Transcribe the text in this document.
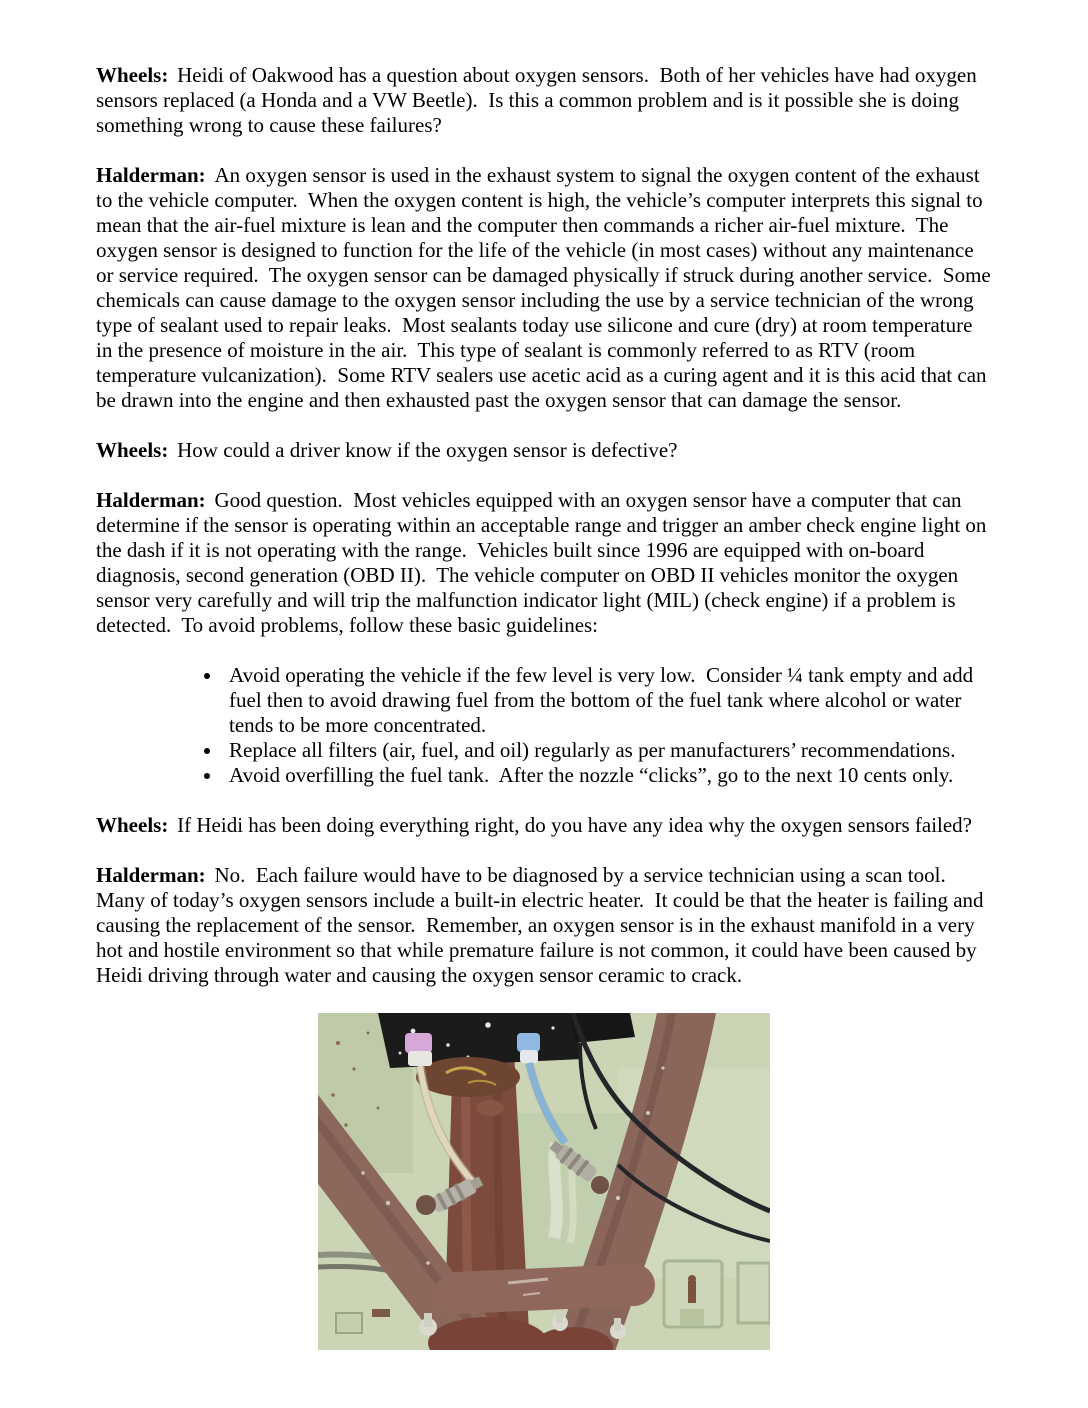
Wheels: Heidi of Oakwood has a question about oxygen sensors.  Both of her vehicles have had oxygen sensors replaced (a Honda and a VW Beetle).  Is this a common problem and is it possible she is doing something wrong to cause these failures?

Halderman: An oxygen sensor is used in the exhaust system to signal the oxygen content of the exhaust to the vehicle computer.  When the oxygen content is high, the vehicle’s computer interprets this signal to mean that the air-fuel mixture is lean and the computer then commands a richer air-fuel mixture.  The oxygen sensor is designed to function for the life of the vehicle (in most cases) without any maintenance or service required.  The oxygen sensor can be damaged physically if struck during another service.  Some chemicals can cause damage to the oxygen sensor including the use by a service technician of the wrong type of sealant used to repair leaks.  Most sealants today use silicone and cure (dry) at room temperature in the presence of moisture in the air.  This type of sealant is commonly referred to as RTV (room temperature vulcanization).  Some RTV sealers use acetic acid as a curing agent and it is this acid that can be drawn into the engine and then exhausted past the oxygen sensor that can damage the sensor.

Wheels: How could a driver know if the oxygen sensor is defective?

Halderman: Good question.  Most vehicles equipped with an oxygen sensor have a computer that can determine if the sensor is operating within an acceptable range and trigger an amber check engine light on the dash if it is not operating with the range.  Vehicles built since 1996 are equipped with on-board diagnosis, second generation (OBD II).  The vehicle computer on OBD II vehicles monitor the oxygen sensor very carefully and will trip the malfunction indicator light (MIL) (check engine) if a problem is detected.  To avoid problems, follow these basic guidelines:

• Avoid operating the vehicle if the few level is very low.  Consider ¼ tank empty and add fuel then to avoid drawing fuel from the bottom of the fuel tank where alcohol or water tends to be more concentrated.
• Replace all filters (air, fuel, and oil) regularly as per manufacturers’ recommendations.
• Avoid overfilling the fuel tank.  After the nozzle “clicks”, go to the next 10 cents only.

Wheels: If Heidi has been doing everything right, do you have any idea why the oxygen sensors failed?

Halderman: No.  Each failure would have to be diagnosed by a service technician using a scan tool.  Many of today’s oxygen sensors include a built-in electric heater.  It could be that the heater is failing and causing the replacement of the sensor.  Remember, an oxygen sensor is in the exhaust manifold in a very hot and hostile environment so that while premature failure is not common, it could have been caused by Heidi driving through water and causing the oxygen sensor ceramic to crack.
